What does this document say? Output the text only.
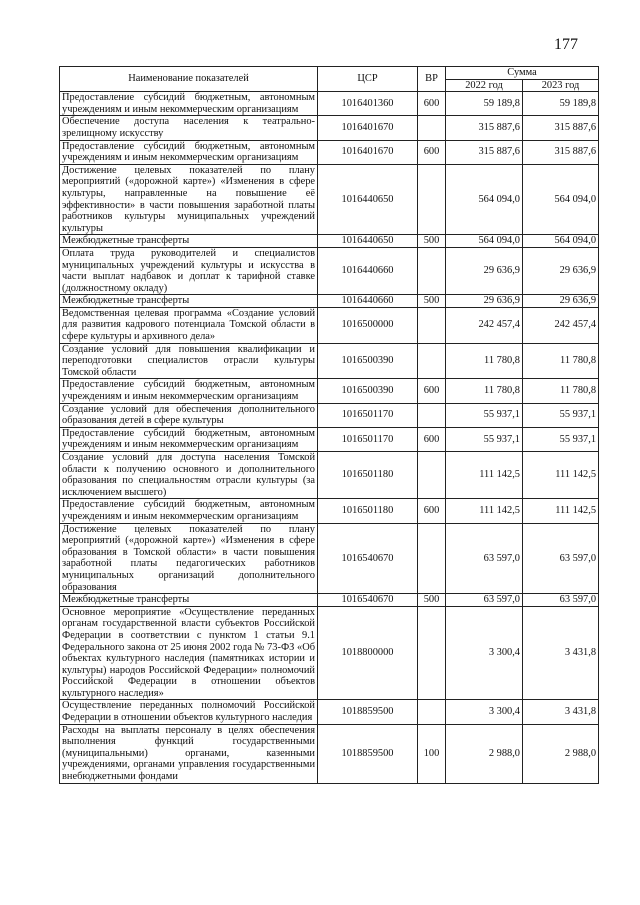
177
Наименование показателей	ЦСР	ВР	Сумма	
			2022 год	2023 год
Предоставление субсидий бюджетным, автономным учреждениям и иным некоммерческим организациям	1016401360	600	59 189,8	59 189,8
Обеспечение доступа населения к театрально-зрелищному искусству	1016401670		315 887,6	315 887,6
Предоставление субсидий бюджетным, автономным учреждениям и иным некоммерческим организациям	1016401670	600	315 887,6	315 887,6
Достижение целевых показателей по плану мероприятий («дорожной карте») «Изменения в сфере культуры, направленные на повышение её эффективности» в части повышения заработной платы работников культуры муниципальных учреждений культуры	1016440650		564 094,0	564 094,0
Межбюджетные трансферты	1016440650	500	564 094,0	564 094,0
Оплата труда руководителей и специалистов муниципальных учреждений культуры и искусства в части выплат надбавок и доплат к тарифной ставке (должностному окладу)	1016440660		29 636,9	29 636,9
Межбюджетные трансферты	1016440660	500	29 636,9	29 636,9
Ведомственная целевая программа «Создание условий для развития кадрового потенциала Томской области в сфере культуры и архивного дела»	1016500000		242 457,4	242 457,4
Создание условий для повышения квалификации и переподготовки специалистов отрасли культуры Томской области	1016500390		11 780,8	11 780,8
Предоставление субсидий бюджетным, автономным учреждениям и иным некоммерческим организациям	1016500390	600	11 780,8	11 780,8
Создание условий для обеспечения дополнительного образования детей в сфере культуры	1016501170		55 937,1	55 937,1
Предоставление субсидий бюджетным, автономным учреждениям и иным некоммерческим организациям	1016501170	600	55 937,1	55 937,1
Создание условий для доступа населения Томской области к получению основного и дополнительного образования по специальностям отрасли культуры (за исключением высшего)	1016501180		111 142,5	111 142,5
Предоставление субсидий бюджетным, автономным учреждениям и иным некоммерческим организациям	1016501180	600	111 142,5	111 142,5
Достижение целевых показателей по плану мероприятий («дорожной карте») «Изменения в сфере образования в Томской области» в части повышения заработной платы педагогических работников муниципальных организаций дополнительного образования	1016540670		63 597,0	63 597,0
Межбюджетные трансферты	1016540670	500	63 597,0	63 597,0
Основное мероприятие «Осуществление переданных органам государственной власти субъектов Российской Федерации в соответствии с пунктом 1 статьи 9.1 Федерального закона от 25 июня 2002 года № 73-ФЗ «Об объектах культурного наследия (памятниках истории и культуры) народов Российской Федерации» полномочий Российской Федерации в отношении объектов культурного наследия»	1018800000		3 300,4	3 431,8
Осуществление переданных полномочий Российской Федерации в отношении объектов культурного наследия	1018859500		3 300,4	3 431,8
Расходы на выплаты персоналу в целях обеспечения выполнения функций государственными (муниципальными) органами, казенными учреждениями, органами управления государственными внебюджетными фондами	1018859500	100	2 988,0	2 988,0
